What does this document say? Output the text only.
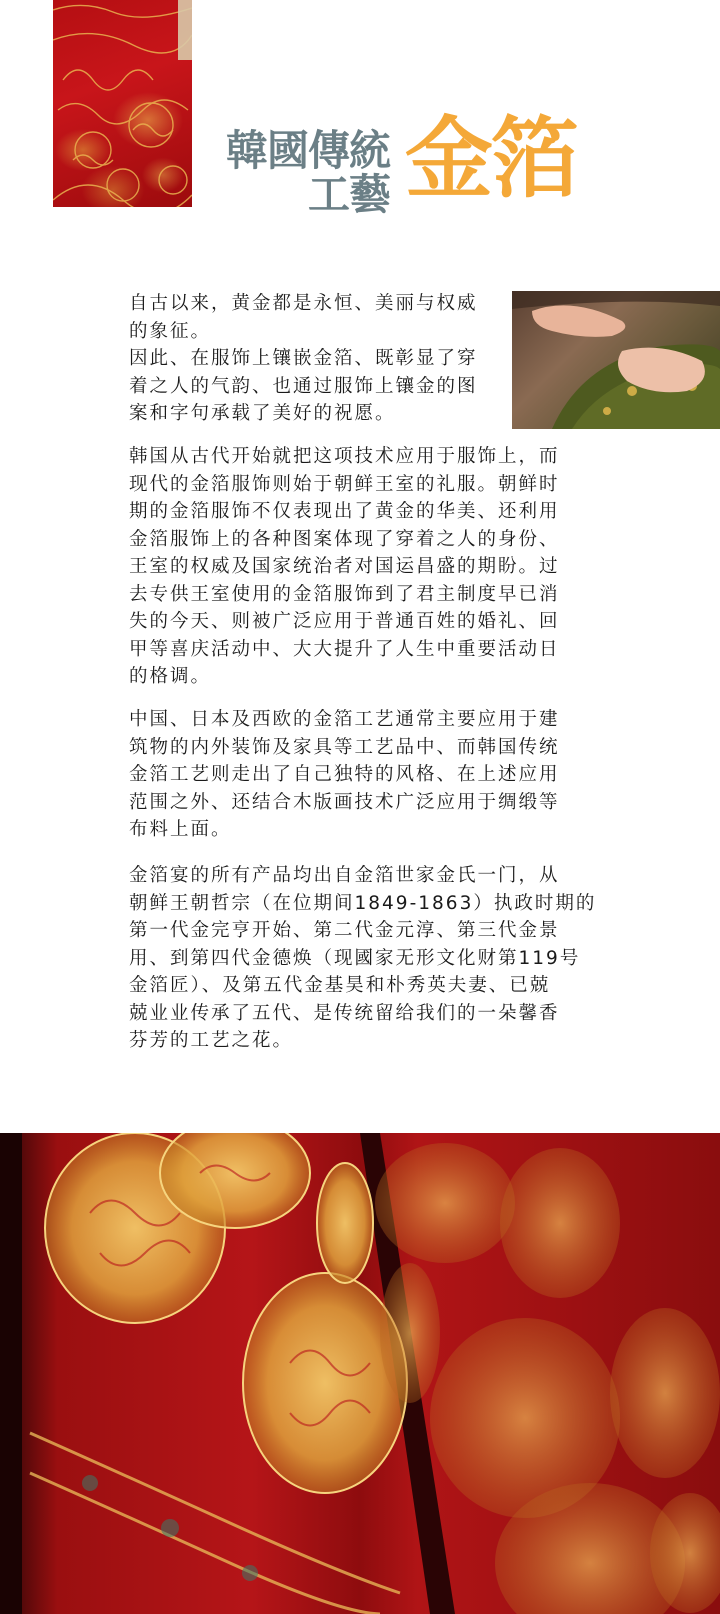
韓國傳統
工藝 金箔

自古以来，黄金都是永恒、美丽与权威
的象征。
因此、在服饰上镶嵌金箔、既彰显了穿
着之人的气韵、也通过服饰上镶金的图
案和字句承载了美好的祝愿。

韩国从古代开始就把这项技术应用于服饰上，而
现代的金箔服饰则始于朝鲜王室的礼服。朝鲜时
期的金箔服饰不仅表现出了黄金的华美、还利用
金箔服饰上的各种图案体现了穿着之人的身份、
王室的权威及国家统治者对国运昌盛的期盼。过
去专供王室使用的金箔服饰到了君主制度早已消
失的今天、则被广泛应用于普通百姓的婚礼、回
甲等喜庆活动中、大大提升了人生中重要活动日
的格调。

中国、日本及西欧的金箔工艺通常主要应用于建
筑物的内外装饰及家具等工艺品中、而韩国传统
金箔工艺则走出了自己独特的风格、在上述应用
范围之外、还结合木版画技术广泛应用于绸缎等
布料上面。

金箔宴的所有产品均出自金箔世家金氏一门，从
朝鲜王朝哲宗（在位期间1849-1863）执政时期的
第一代金完亨开始、第二代金元淳、第三代金景
用、到第四代金德焕（现國家无形文化财第119号
金箔匠）、及第五代金基昊和朴秀英夫妻、已兢
兢业业传承了五代、是传统留给我们的一朵馨香
芬芳的工艺之花。
